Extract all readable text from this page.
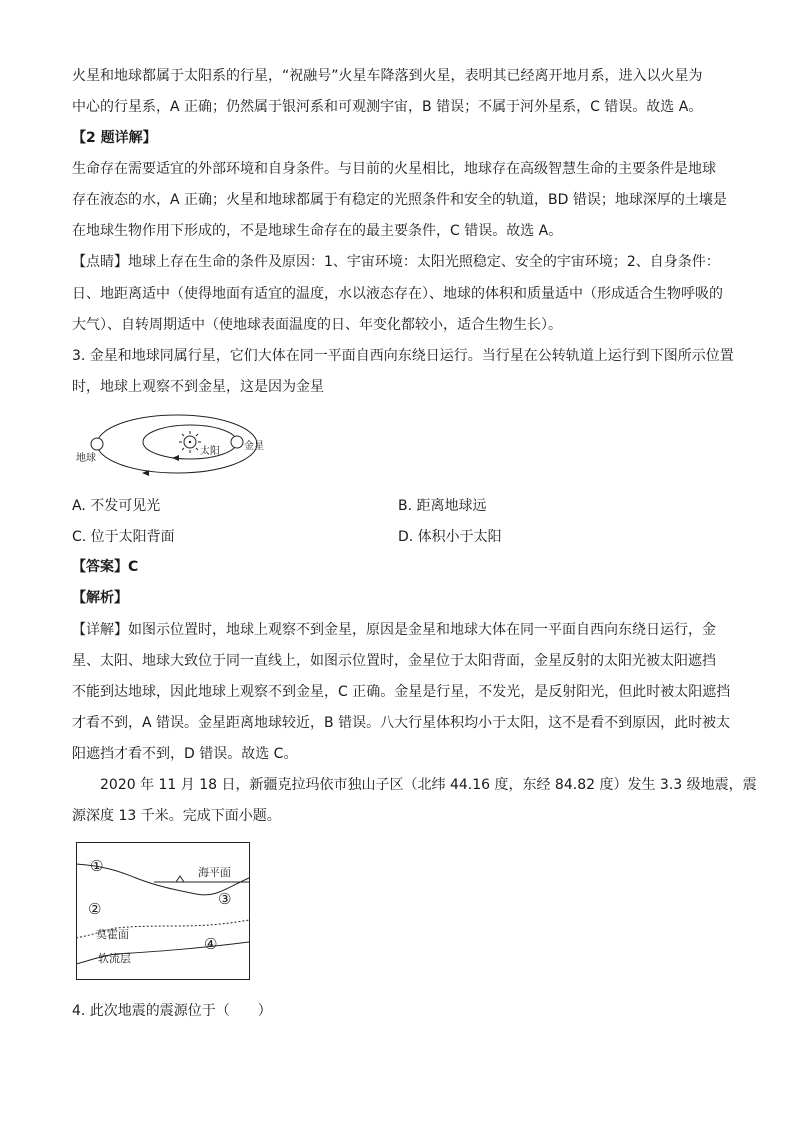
火星和地球都属于太阳系的行星，“祝融号”火星车降落到火星，表明其已经离开地月系，进入以火星为
中心的行星系，A 正确；仍然属于银河系和可观测宇宙，B 错误；不属于河外星系，C 错误。故选 A。
【2 题详解】
生命存在需要适宜的外部环境和自身条件。与目前的火星相比，地球存在高级智慧生命的主要条件是地球
存在液态的水，A 正确；火星和地球都属于有稳定的光照条件和安全的轨道，BD 错误；地球深厚的土壤是
在地球生物作用下形成的，不是地球生命存在的最主要条件，C 错误。故选 A。
【点睛】地球上存在生命的条件及原因：1、宇宙环境：太阳光照稳定、安全的宇宙环境；2、自身条件：
日、地距离适中（使得地面有适宜的温度，水以液态存在）、地球的体积和质量适中（形成适合生物呼吸的
大气）、自转周期适中（使地球表面温度的日、年变化都较小，适合生物生长）。
3. 金星和地球同属行星，它们大体在同一平面自西向东绕日运行。当行星在公转轨道上运行到下图所示位置
时，地球上观察不到金星，这是因为金星
地球
太阳 金星
A. 不发可见光	B. 距离地球远
C. 位于太阳背面	D. 体积小于太阳
【答案】C
【解析】
【详解】如图示位置时，地球上观察不到金星，原因是金星和地球大体在同一平面自西向东绕日运行，金
星、太阳、地球大致位于同一直线上，如图示位置时，金星位于太阳背面，金星反射的太阳光被太阳遮挡
不能到达地球，因此地球上观察不到金星，C 正确。金星是行星，不发光，是反射阳光，但此时被太阳遮挡
才看不到，A 错误。金星距离地球较近，B 错误。八大行星体积均小于太阳，这不是看不到原因，此时被太
阳遮挡才看不到，D 错误。故选 C。
2020 年 11 月 18 日，新疆克拉玛依市独山子区（北纬 44.16 度，东经 84.82 度）发生 3.3 级地震，震
源深度 13 千米。完成下面小题。
①
②
③
④
海平面
莫霍面
软流层
4. 此次地震的震源位于（　　）
